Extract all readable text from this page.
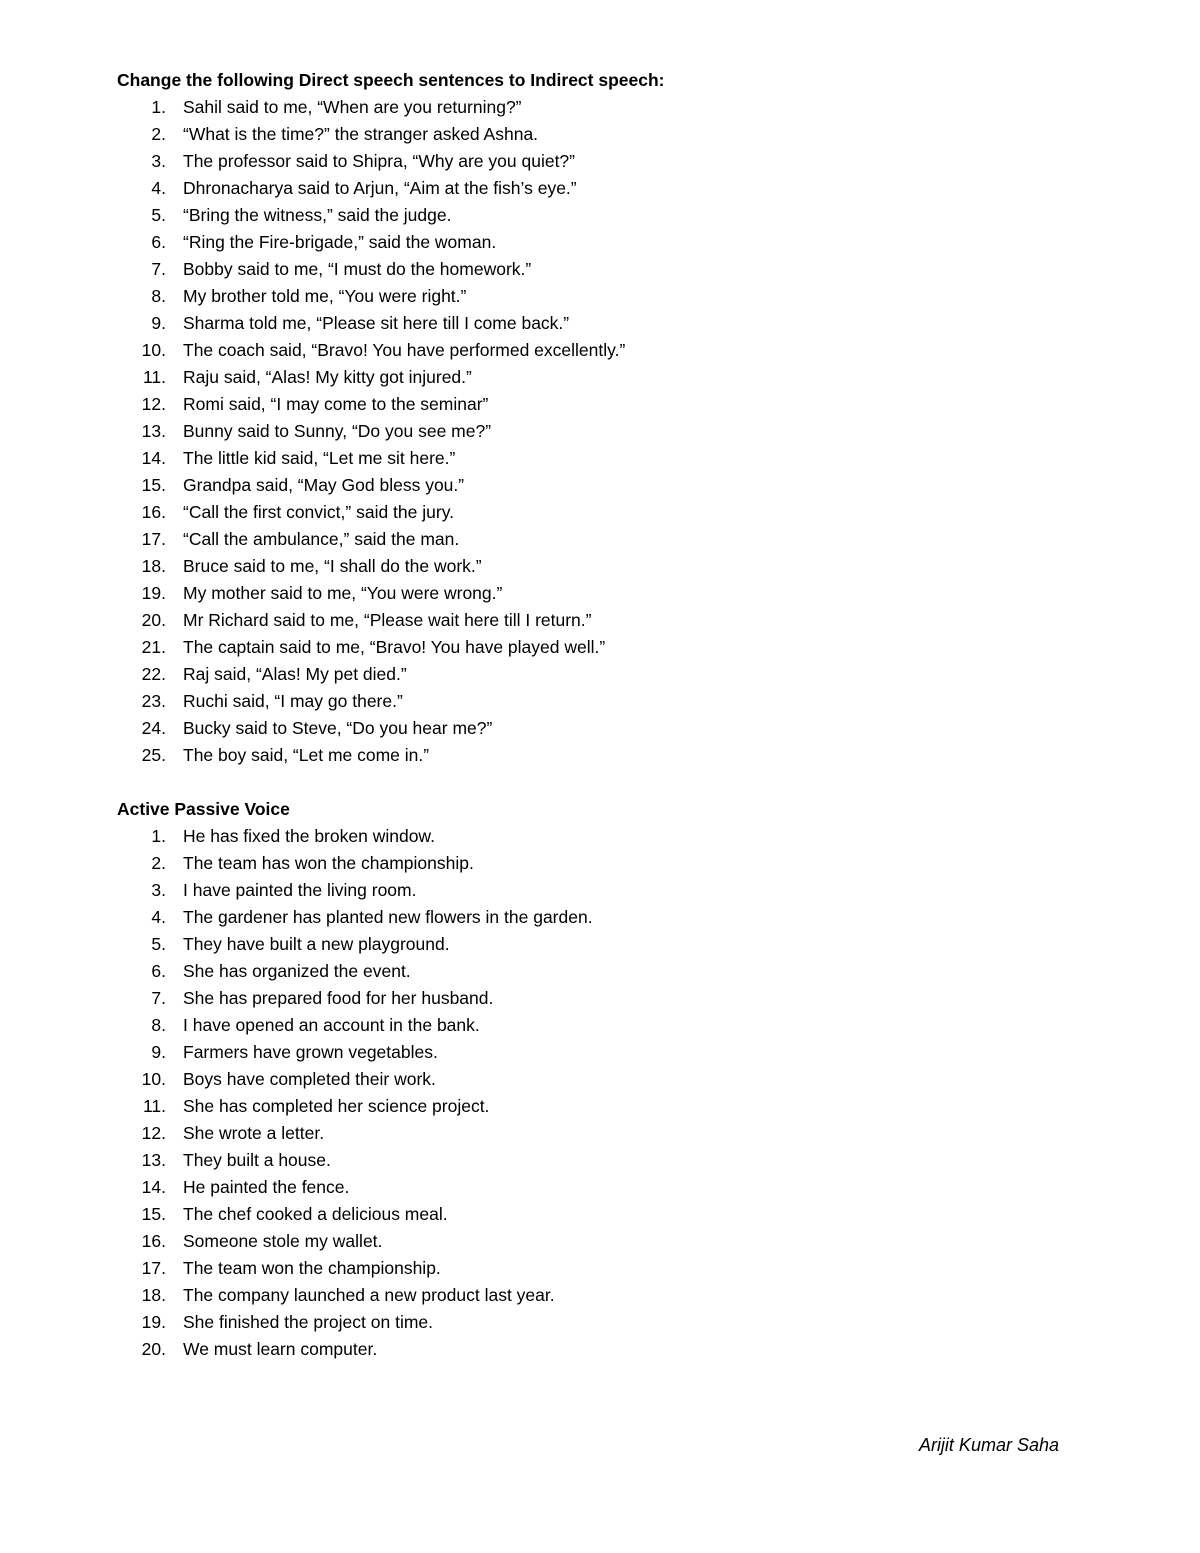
Change the following Direct speech sentences to Indirect speech:
1. Sahil said to me, “When are you returning?”
2. “What is the time?” the stranger asked Ashna.
3. The professor said to Shipra, “Why are you quiet?”
4. Dhronacharya said to Arjun, “Aim at the fish’s eye.”
5. “Bring the witness,” said the judge.
6. “Ring the Fire-brigade,” said the woman.
7. Bobby said to me, “I must do the homework.”
8. My brother told me, “You were right.”
9. Sharma told me, “Please sit here till I come back.”
10. The coach said, “Bravo! You have performed excellently.”
11. Raju said, “Alas! My kitty got injured.”
12. Romi said, “I may come to the seminar”
13. Bunny said to Sunny, “Do you see me?”
14. The little kid said, “Let me sit here.”
15. Grandpa said, “May God bless you.”
16. “Call the first convict,” said the jury.
17. “Call the ambulance,” said the man.
18. Bruce said to me, “I shall do the work.”
19. My mother said to me, “You were wrong.”
20. Mr Richard said to me, “Please wait here till I return.”
21. The captain said to me, “Bravo! You have played well.”
22. Raj said, “Alas! My pet died.”
23. Ruchi said, “I may go there.”
24. Bucky said to Steve, “Do you hear me?”
25. The boy said, “Let me come in.”
Active Passive Voice
1. He has fixed the broken window.
2. The team has won the championship.
3. I have painted the living room.
4. The gardener has planted new flowers in the garden.
5. They have built a new playground.
6. She has organized the event.
7. She has prepared food for her husband.
8. I have opened an account in the bank.
9. Farmers have grown vegetables.
10. Boys have completed their work.
11. She has completed her science project.
12. She wrote a letter.
13. They built a house.
14. He painted the fence.
15. The chef cooked a delicious meal.
16. Someone stole my wallet.
17. The team won the championship.
18. The company launched a new product last year.
19. She finished the project on time.
20. We must learn computer.
Arijit Kumar Saha
